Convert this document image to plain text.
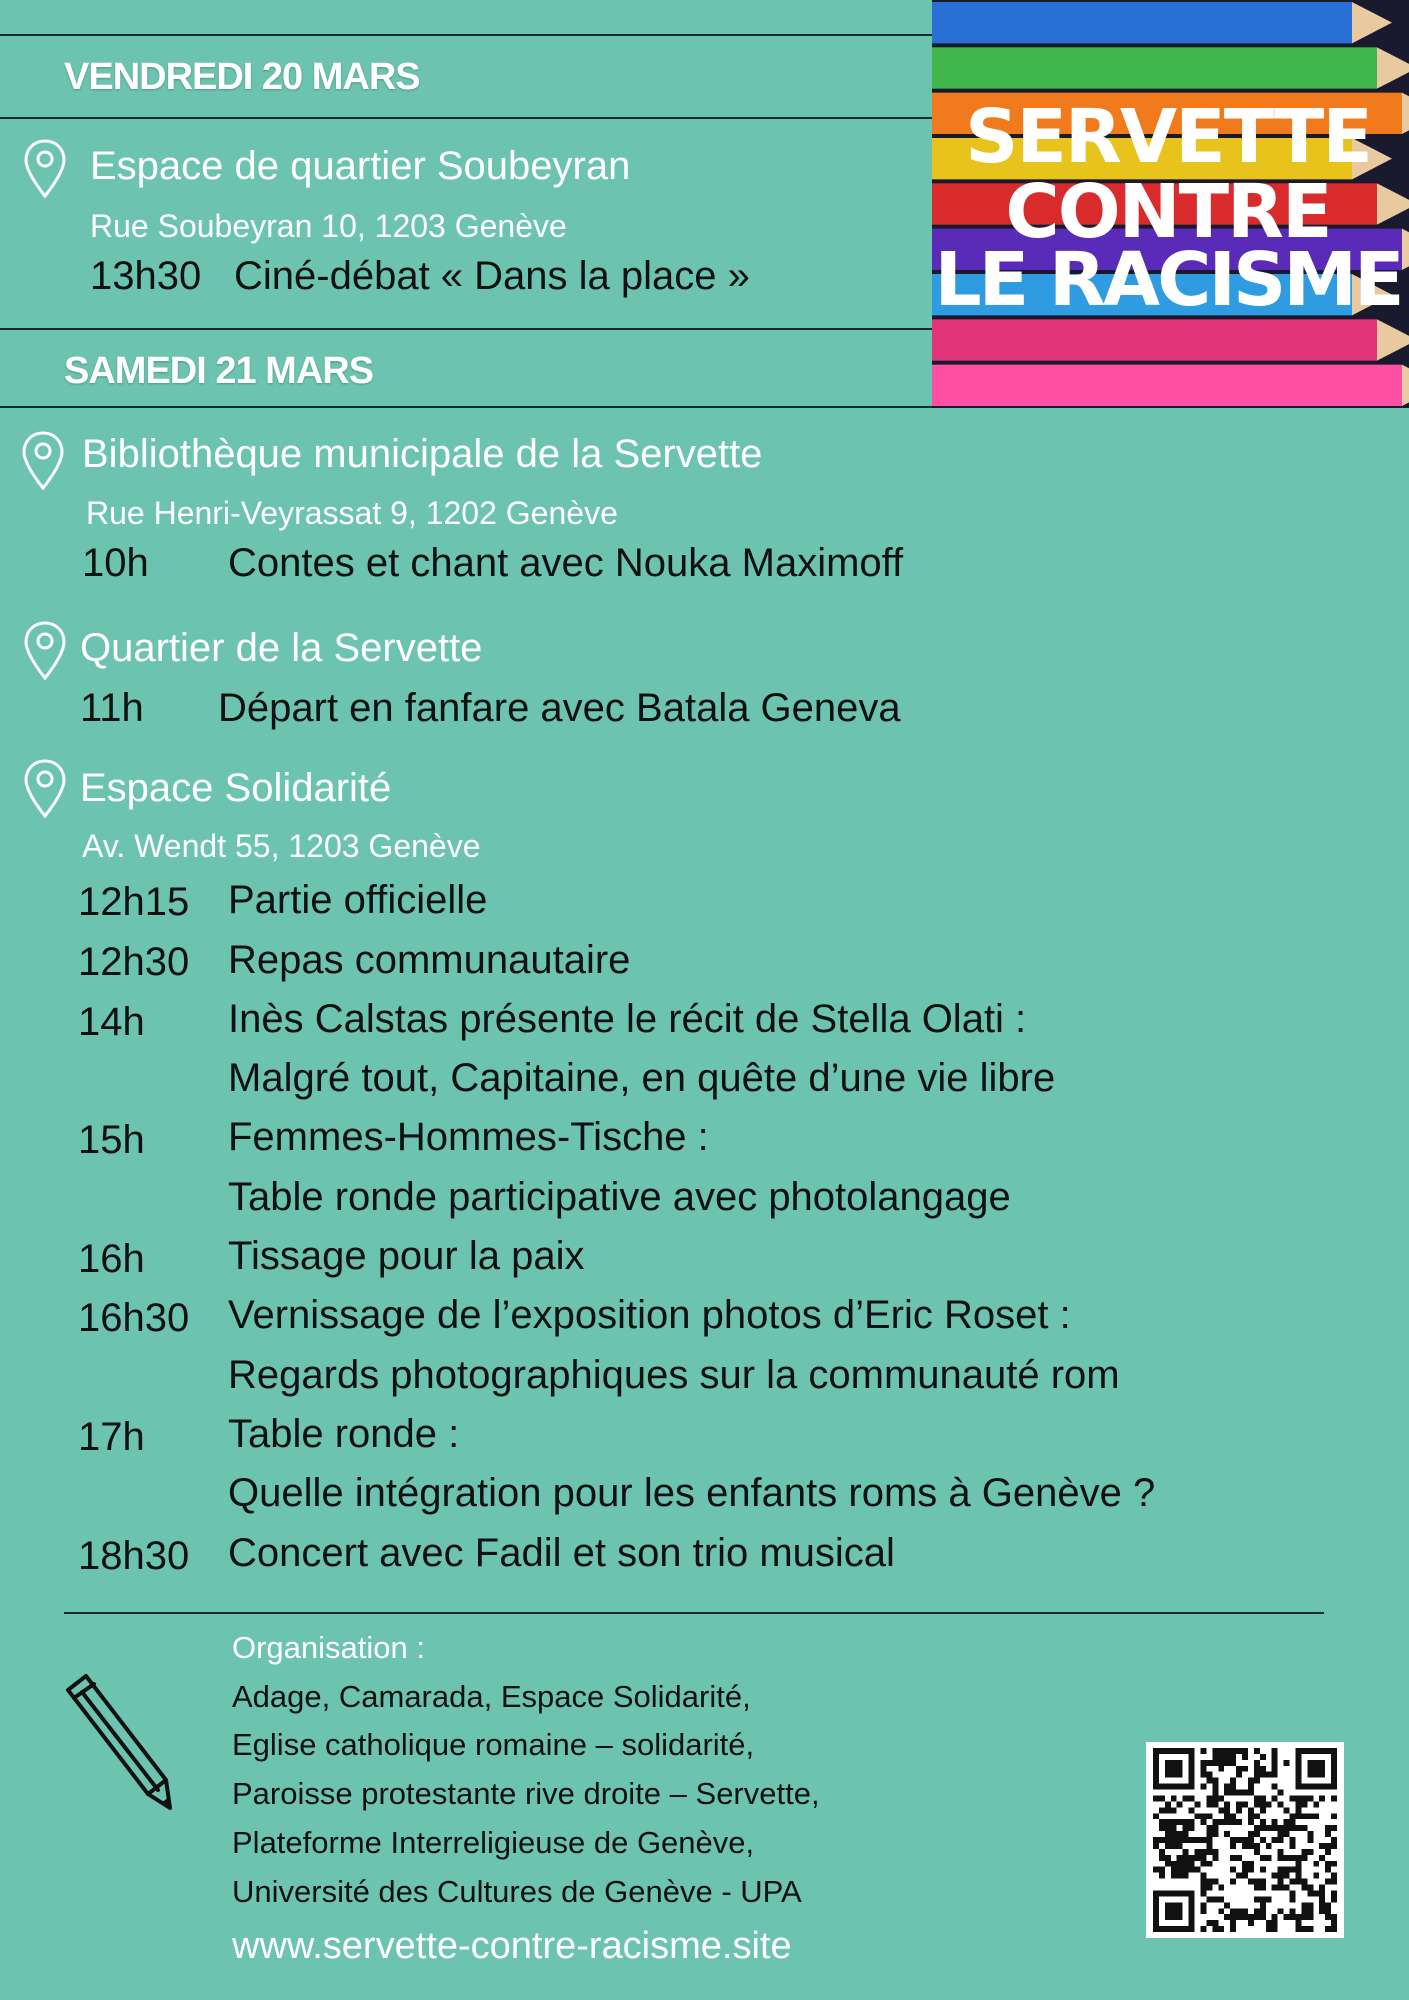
SERVETTE
CONTRE
LE RACISME
VENDREDI 20 MARS
Espace de quartier Soubeyran
Rue Soubeyran 10, 1203 Genève
13h30 Ciné-débat « Dans la place »
SAMEDI 21 MARS
Bibliothèque municipale de la Servette
Rue Henri-Veyrassat 9, 1202 Genève
10h Contes et chant avec Nouka Maximoff
Quartier de la Servette
11h Départ en fanfare avec Batala Geneva
Espace Solidarité
Av. Wendt 55, 1203 Genève
12h15 Partie officielle
12h30 Repas communautaire
14h Inès Calstas présente le récit de Stella Olati :
Malgré tout, Capitaine, en quête d’une vie libre
15h Femmes-Hommes-Tische :
Table ronde participative avec photolangage
16h Tissage pour la paix
16h30 Vernissage de l’exposition photos d’Eric Roset :
Regards photographiques sur la communauté rom
17h Table ronde :
Quelle intégration pour les enfants roms à Genève ?
18h30 Concert avec Fadil et son trio musical
Organisation :
Adage, Camarada, Espace Solidarité,
Eglise catholique romaine – solidarité,
Paroisse protestante rive droite – Servette,
Plateforme Interreligieuse de Genève,
Université des Cultures de Genève - UPA
www.servette-contre-racisme.site
